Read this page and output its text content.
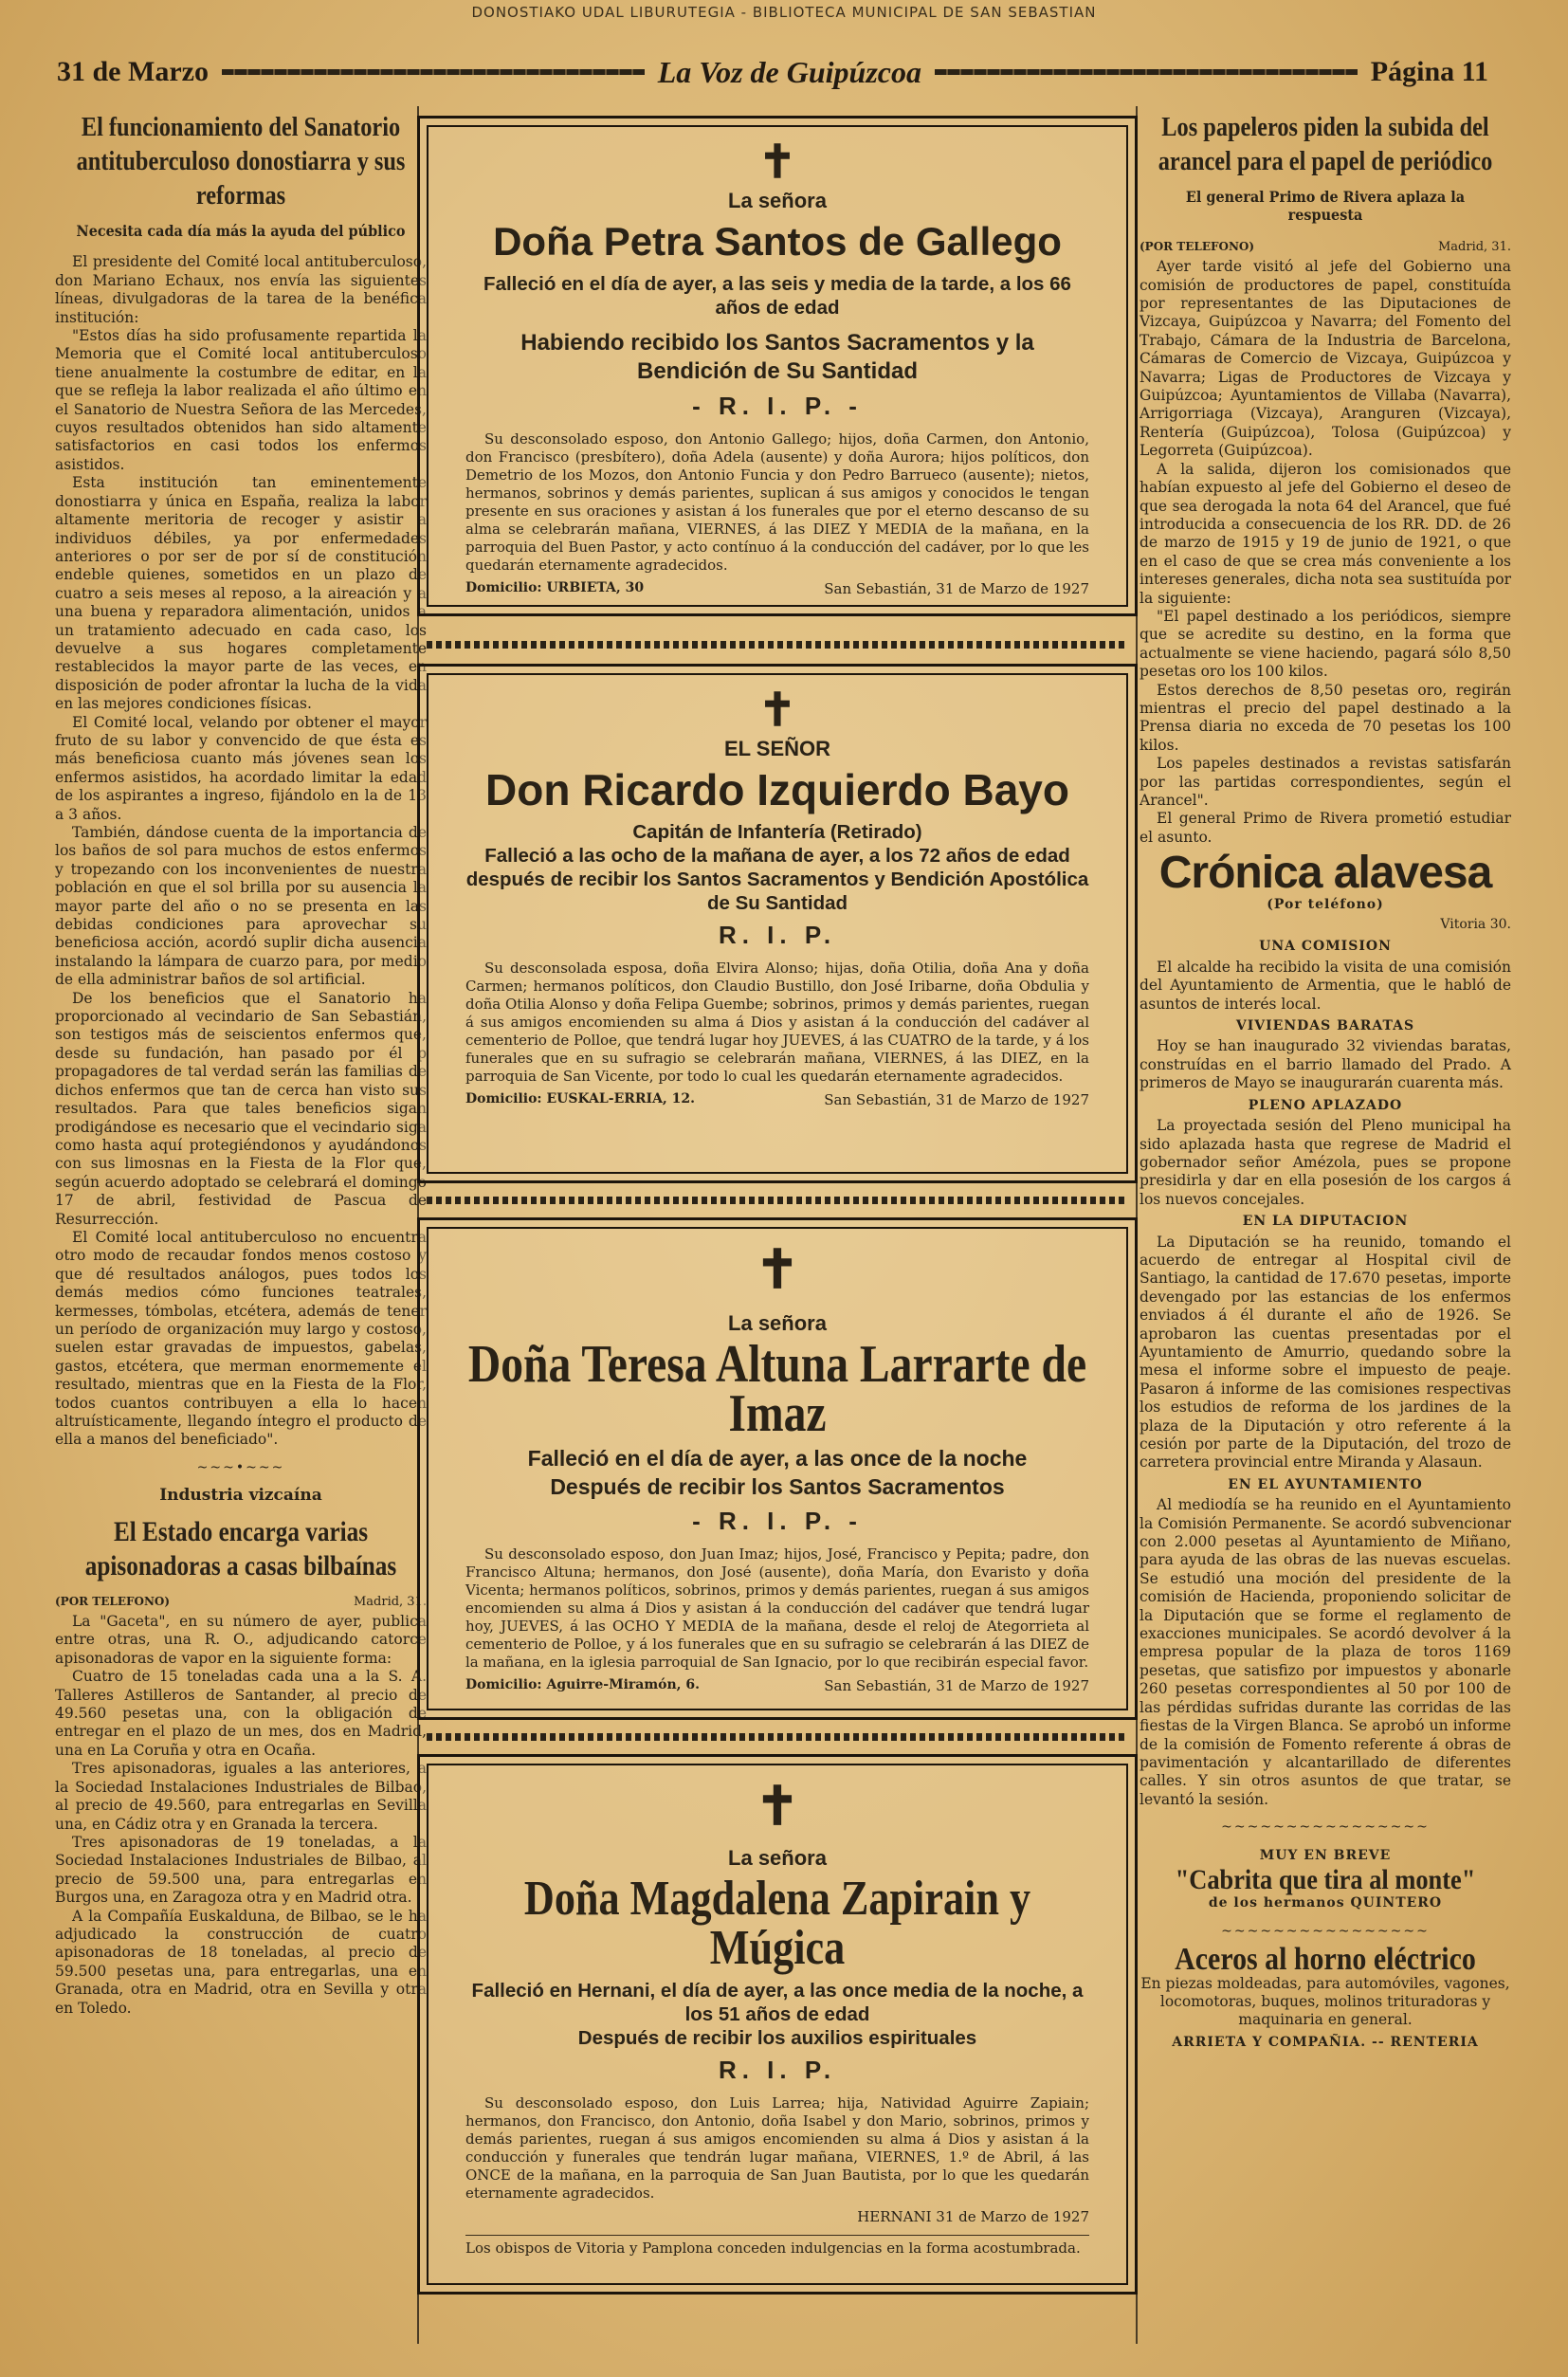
DONOSTIAKO UDAL LIBURUTEGIA - BIBLIOTECA MUNICIPAL DE SAN SEBASTIAN
31 de Marzo	La Voz de Guipúzcoa	Página 11
El funcionamiento del Sanatorio antituberculoso donostiarra y sus reformas
Necesita cada día más la ayuda del público

El presidente del Comité local antituberculoso, don Mariano Echaux, nos envía las siguientes líneas, divulgadoras de la tarea de la benéfica institución:

"Estos días ha sido profusamente repartida la Memoria que el Comité local antituberculoso tiene anualmente la costumbre de editar, en la que se refleja la labor realizada el año último en el Sanatorio de Nuestra Señora de las Mercedes, cuyos resultados obtenidos han sido altamente satisfactorios en casi todos los enfermos asistidos.

Esta institución tan eminentemente donostiarra y única en España, realiza la labor altamente meritoria de recoger y asistir a individuos débiles, ya por enfermedades anteriores o por ser de por sí de constitución endeble quienes, sometidos en un plazo de cuatro a seis meses al reposo, a la aireación y a una buena y reparadora alimentación, unidos a un tratamiento adecuado en cada caso, los devuelve a sus hogares completamente restablecidos la mayor parte de las veces, en disposición de poder afrontar la lucha de la vida en las mejores condiciones físicas.

El Comité local, velando por obtener el mayor fruto de su labor y convencido de que ésta es más beneficiosa cuanto más jóvenes sean los enfermos asistidos, ha acordado limitar la edad de los aspirantes a ingreso, fijándolo en la de 13 a 3 años.

También, dándose cuenta de la importancia de los baños de sol para muchos de estos enfermos y tropezando con los inconvenientes de nuestra población en que el sol brilla por su ausencia la mayor parte del año o no se presenta en las debidas condiciones para aprovechar su beneficiosa acción, acordó suplir dicha ausencia instalando la lámpara de cuarzo para, por medio de ella administrar baños de sol artificial.

De los beneficios que el Sanatorio ha proporcionado al vecindario de San Sebastián, son testigos más de seiscientos enfermos que, desde su fundación, han pasado por él p propagadores de tal verdad serán las familias de dichos enfermos que tan de cerca han visto sus resultados. Para que tales beneficios sigan prodigándose es necesario que el vecindario siga como hasta aquí protegiéndonos y ayudándonos con sus limosnas en la Fiesta de la Flor que, según acuerdo adoptado se celebrará el domingo 17 de abril, festividad de Pascua de Resurrección.

El Comité local antituberculoso no encuentra otro modo de recaudar fondos menos costoso y que dé resultados análogos, pues todos los demás medios cómo funciones teatrales, kermesses, tómbolas, etcétera, además de tener un período de organización muy largo y costoso, suelen estar gravadas de impuestos, gabelas, gastos, etcétera, que merman enormemente el resultado, mientras que en la Fiesta de la Flor, todos cuantos contribuyen a ella lo hacen altruísticamente, llegando íntegro el producto de ella a manos del beneficiado".

~~~•~~~
Industria vizcaína
El Estado encarga varias apisonadoras a casas bilbaínas
(POR TELEFONO)	Madrid, 31.

La "Gaceta", en su número de ayer, publica entre otras, una R. O., adjudicando catorce apisonadoras de vapor en la siguiente forma:

Cuatro de 15 toneladas cada una a la S. A. Talleres Astilleros de Santander, al precio de 49.560 pesetas una, con la obligación de entregar en el plazo de un mes, dos en Madrid, una en La Coruña y otra en Ocaña.

Tres apisonadoras, iguales a las anteriores, a la Sociedad Instalaciones Industriales de Bilbao, al precio de 49.560, para entregarlas en Sevilla una, en Cádiz otra y en Granada la tercera.

Tres apisonadoras de 19 toneladas, a la Sociedad Instalaciones Industriales de Bilbao, al precio de 59.500 una, para entregarlas en Burgos una, en Zaragoza otra y en Madrid otra.

A la Compañía Euskalduna, de Bilbao, se le ha adjudicado la construcción de cuatro apisonadoras de 18 toneladas, al precio de 59.500 pesetas una, para entregarlas, una en Granada, otra en Madrid, otra en Sevilla y otra en Toledo.

✝
La señora
Doña Petra Santos de Gallego
Falleció en el día de ayer, a las seis y media de la tarde, a los 66 años de edad
Habiendo recibido los Santos Sacramentos y la Bendición de Su Santidad
- R. I. P. -
Su desconsolado esposo, don Antonio Gallego; hijos, doña Carmen, don Antonio, don Francisco (presbítero), doña Adela (ausente) y doña Aurora; hijos políticos, don Demetrio de los Mozos, don Antonio Funcia y don Pedro Barrueco (ausente); nietos, hermanos, sobrinos y demás parientes, suplican á sus amigos y conocidos le tengan presente en sus oraciones y asistan á los funerales que por el eterno descanso de su alma se celebrarán mañana, VIERNES, á las DIEZ Y MEDIA de la mañana, en la parroquia del Buen Pastor, y acto contínuo á la conducción del cadáver, por lo que les quedarán eternamente agradecidos.
Domicilio: URBIETA, 30	San Sebastián, 31 de Marzo de 1927
✝
EL SEÑOR
Don Ricardo Izquierdo Bayo
Capitán de Infantería (Retirado)
Falleció a las ocho de la mañana de ayer, a los 72 años de edad
después de recibir los Santos Sacramentos y Bendición Apostólica de Su Santidad
R. I. P.
Su desconsolada esposa, doña Elvira Alonso; hijas, doña Otilia, doña Ana y doña Carmen; hermanos políticos, don Claudio Bustillo, don José Iribarne, doña Obdulia y doña Otilia Alonso y doña Felipa Guembe; sobrinos, primos y demás parientes, ruegan á sus amigos encomienden su alma á Dios y asistan á la conducción del cadáver al cementerio de Polloe, que tendrá lugar hoy JUEVES, á las CUATRO de la tarde, y á los funerales que en su sufragio se celebrarán mañana, VIERNES, á las DIEZ, en la parroquia de San Vicente, por todo lo cual les quedarán eternamente agradecidos.
Domicilio: EUSKAL-ERRIA, 12.	San Sebastián, 31 de Marzo de 1927
✝
La señora
Doña Teresa Altuna Larrarte de Imaz
Falleció en el día de ayer, a las once de la noche
Después de recibir los Santos Sacramentos
- R. I. P. -
Su desconsolado esposo, don Juan Imaz; hijos, José, Francisco y Pepita; padre, don Francisco Altuna; hermanos, don José (ausente), doña María, don Evaristo y doña Vicenta; hermanos políticos, sobrinos, primos y demás parientes, ruegan á sus amigos encomienden su alma á Dios y asistan á la conducción del cadáver que tendrá lugar hoy, JUEVES, á las OCHO Y MEDIA de la mañana, desde el reloj de Ategorrieta al cementerio de Polloe, y á los funerales que en su sufragio se celebrarán á las DIEZ de la mañana, en la iglesia parroquial de San Ignacio, por lo que recibirán especial favor.
Domicilio: Aguirre-Miramón, 6.	San Sebastián, 31 de Marzo de 1927
✝
La señora
Doña Magdalena Zapirain y Múgica
Falleció en Hernani, el día de ayer, a las once media de la noche, a los 51 años de edad
Después de recibir los auxilios espirituales
R. I. P.
Su desconsolado esposo, don Luis Larrea; hija, Natividad Aguirre Zapiain; hermanos, don Francisco, don Antonio, doña Isabel y don Mario, sobrinos, primos y demás parientes, ruegan á sus amigos encomienden su alma á Dios y asistan á la conducción y funerales que tendrán lugar mañana, VIERNES, 1.º de Abril, á las ONCE de la mañana, en la parroquia de San Juan Bautista, por lo que les quedarán eternamente agradecidos.
HERNANI 31 de Marzo de 1927
Los obispos de Vitoria y Pamplona conceden indulgencias en la forma acostumbrada.
Los papeleros piden la subida del arancel para el papel de periódico
El general Primo de Rivera aplaza la respuesta
(POR TELEFONO)	Madrid, 31.

Ayer tarde visitó al jefe del Gobierno una comisión de productores de papel, constituída por representantes de las Diputaciones de Vizcaya, Guipúzcoa y Navarra; del Fomento del Trabajo, Cámara de la Industria de Barcelona, Cámaras de Comercio de Vizcaya, Guipúzcoa y Navarra; Ligas de Productores de Vizcaya y Guipúzcoa; Ayuntamientos de Villaba (Navarra), Arrigorriaga (Vizcaya), Aranguren (Vizcaya), Rentería (Guipúzcoa), Tolosa (Guipúzcoa) y Legorreta (Guipúzcoa).

A la salida, dijeron los comisionados que habían expuesto al jefe del Gobierno el deseo de que sea derogada la nota 64 del Arancel, que fué introducida a consecuencia de los RR. DD. de 26 de marzo de 1915 y 19 de junio de 1921, o que en el caso de que se crea más conveniente a los intereses generales, dicha nota sea sustituída por la siguiente:

"El papel destinado a los periódicos, siempre que se acredite su destino, en la forma que actualmente se viene haciendo, pagará sólo 8,50 pesetas oro los 100 kilos.

Estos derechos de 8,50 pesetas oro, regirán mientras el precio del papel destinado a la Prensa diaria no exceda de 70 pesetas los 100 kilos.

Los papeles destinados a revistas satisfarán por las partidas correspondientes, según el Arancel".

El general Primo de Rivera prometió estudiar el asunto.

Crónica alavesa
(Por teléfono)
Vitoria 30.
UNA COMISION

El alcalde ha recibido la visita de una comisión del Ayuntamiento de Armentia, que le habló de asuntos de interés local.

VIVIENDAS BARATAS

Hoy se han inaugurado 32 viviendas baratas, construídas en el barrio llamado del Prado. A primeros de Mayo se inaugurarán cuarenta más.

PLENO APLAZADO

La proyectada sesión del Pleno municipal ha sido aplazada hasta que regrese de Madrid el gobernador señor Amézola, pues se propone presidirla y dar en ella posesión de los cargos á los nuevos concejales.

EN LA DIPUTACION

La Diputación se ha reunido, tomando el acuerdo de entregar al Hospital civil de Santiago, la cantidad de 17.670 pesetas, importe devengado por las estancias de los enfermos enviados á él durante el año de 1926. Se aprobaron las cuentas presentadas por el Ayuntamiento de Amurrio, quedando sobre la mesa el informe sobre el impuesto de peaje. Pasaron á informe de las comisiones respectivas los estudios de reforma de los jardines de la plaza de la Diputación y otro referente á la cesión por parte de la Diputación, del trozo de carretera provincial entre Miranda y Alasaun.

EN EL AYUNTAMIENTO

Al mediodía se ha reunido en el Ayuntamiento la Comisión Permanente. Se acordó subvencionar con 2.000 pesetas al Ayuntamiento de Miñano, para ayuda de las obras de las nuevas escuelas. Se estudió una moción del presidente de la comisión de Hacienda, proponiendo solicitar de la Diputación que se forme el reglamento de exacciones municipales. Se acordó devolver á la empresa popular de la plaza de toros 1169 pesetas, que satisfizo por impuestos y abonarle 260 pesetas correspondientes al 50 por 100 de las pérdidas sufridas durante las corridas de las fiestas de la Virgen Blanca. Se aprobó un informe de la comisión de Fomento referente á obras de pavimentación y alcantarillado de diferentes calles. Y sin otros asuntos de que tratar, se levantó la sesión.

~~~~~~~~~~~~~~~~
MUY EN BREVE
"Cabrita que tira al monte"
de los hermanos QUINTERO
~~~~~~~~~~~~~~~~
Aceros al horno eléctrico

En piezas moldeadas, para automóviles, vagones, locomotoras, buques, molinos trituradoras y maquinaria en general.

ARRIETA Y COMPAÑIA. -- RENTERIA
